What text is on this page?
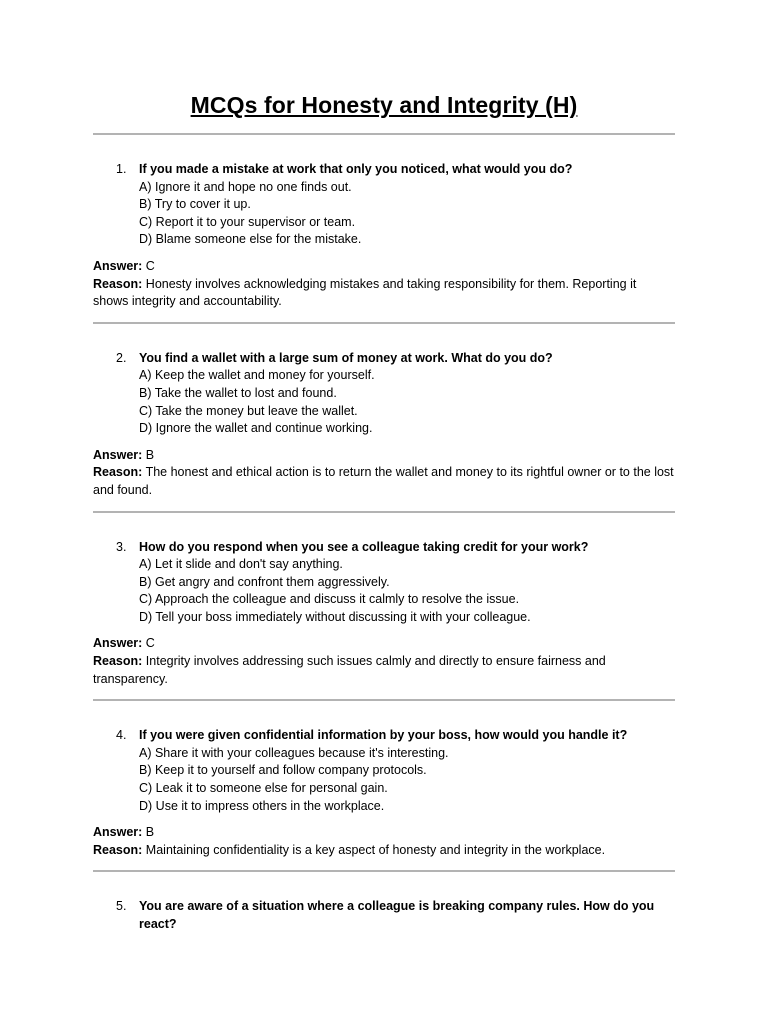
MCQs for Honesty and Integrity (H)
1. If you made a mistake at work that only you noticed, what would you do?
A) Ignore it and hope no one finds out.
B) Try to cover it up.
C) Report it to your supervisor or team.
D) Blame someone else for the mistake.
Answer: C
Reason: Honesty involves acknowledging mistakes and taking responsibility for them. Reporting it shows integrity and accountability.
2. You find a wallet with a large sum of money at work. What do you do?
A) Keep the wallet and money for yourself.
B) Take the wallet to lost and found.
C) Take the money but leave the wallet.
D) Ignore the wallet and continue working.
Answer: B
Reason: The honest and ethical action is to return the wallet and money to its rightful owner or to the lost and found.
3. How do you respond when you see a colleague taking credit for your work?
A) Let it slide and don't say anything.
B) Get angry and confront them aggressively.
C) Approach the colleague and discuss it calmly to resolve the issue.
D) Tell your boss immediately without discussing it with your colleague.
Answer: C
Reason: Integrity involves addressing such issues calmly and directly to ensure fairness and transparency.
4. If you were given confidential information by your boss, how would you handle it?
A) Share it with your colleagues because it's interesting.
B) Keep it to yourself and follow company protocols.
C) Leak it to someone else for personal gain.
D) Use it to impress others in the workplace.
Answer: B
Reason: Maintaining confidentiality is a key aspect of honesty and integrity in the workplace.
5. You are aware of a situation where a colleague is breaking company rules. How do you react?
